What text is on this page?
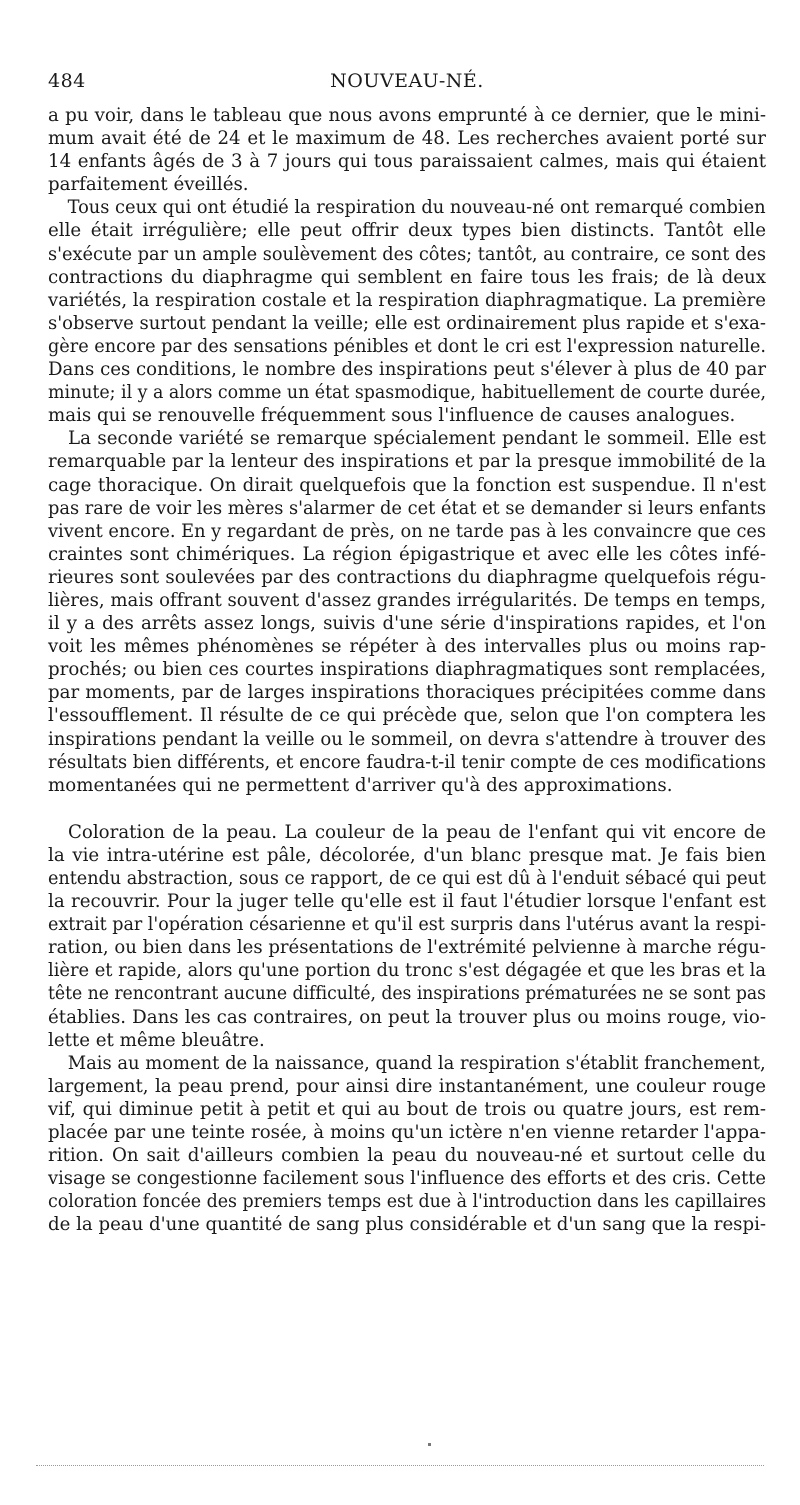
484	NOUVEAU-NÉ.
a pu voir, dans le tableau que nous avons emprunté à ce dernier, que le mini-
mum avait été de 24 et le maximum de 48. Les recherches avaient porté sur
14 enfants âgés de 3 à 7 jours qui tous paraissaient calmes, mais qui étaient
parfaitement éveillés.
Tous ceux qui ont étudié la respiration du nouveau-né ont remarqué combien
elle était irrégulière; elle peut offrir deux types bien distincts. Tantôt elle
s'exécute par un ample soulèvement des côtes; tantôt, au contraire, ce sont des
contractions du diaphragme qui semblent en faire tous les frais; de là deux
variétés, la respiration costale et la respiration diaphragmatique. La première
s'observe surtout pendant la veille; elle est ordinairement plus rapide et s'exa-
gère encore par des sensations pénibles et dont le cri est l'expression naturelle.
Dans ces conditions, le nombre des inspirations peut s'élever à plus de 40 par
minute; il y a alors comme un état spasmodique, habituellement de courte durée,
mais qui se renouvelle fréquemment sous l'influence de causes analogues.
La seconde variété se remarque spécialement pendant le sommeil. Elle est
remarquable par la lenteur des inspirations et par la presque immobilité de la
cage thoracique. On dirait quelquefois que la fonction est suspendue. Il n'est
pas rare de voir les mères s'alarmer de cet état et se demander si leurs enfants
vivent encore. En y regardant de près, on ne tarde pas à les convaincre que ces
craintes sont chimériques. La région épigastrique et avec elle les côtes infé-
rieures sont soulevées par des contractions du diaphragme quelquefois régu-
lières, mais offrant souvent d'assez grandes irrégularités. De temps en temps,
il y a des arrêts assez longs, suivis d'une série d'inspirations rapides, et l'on
voit les mêmes phénomènes se répéter à des intervalles plus ou moins rap-
prochés; ou bien ces courtes inspirations diaphragmatiques sont remplacées,
par moments, par de larges inspirations thoraciques précipitées comme dans
l'essoufflement. Il résulte de ce qui précède que, selon que l'on comptera les
inspirations pendant la veille ou le sommeil, on devra s'attendre à trouver des
résultats bien différents, et encore faudra-t-il tenir compte de ces modifications
momentanées qui ne permettent d'arriver qu'à des approximations.
Coloration de la peau. La couleur de la peau de l'enfant qui vit encore de
la vie intra-utérine est pâle, décolorée, d'un blanc presque mat. Je fais bien
entendu abstraction, sous ce rapport, de ce qui est dû à l'enduit sébacé qui peut
la recouvrir. Pour la juger telle qu'elle est il faut l'étudier lorsque l'enfant est
extrait par l'opération césarienne et qu'il est surpris dans l'utérus avant la respi-
ration, ou bien dans les présentations de l'extrémité pelvienne à marche régu-
lière et rapide, alors qu'une portion du tronc s'est dégagée et que les bras et la
tête ne rencontrant aucune difficulté, des inspirations prématurées ne se sont pas
établies. Dans les cas contraires, on peut la trouver plus ou moins rouge, vio-
lette et même bleuâtre.
Mais au moment de la naissance, quand la respiration s'établit franchement,
largement, la peau prend, pour ainsi dire instantanément, une couleur rouge
vif, qui diminue petit à petit et qui au bout de trois ou quatre jours, est rem-
placée par une teinte rosée, à moins qu'un ictère n'en vienne retarder l'appa-
rition. On sait d'ailleurs combien la peau du nouveau-né et surtout celle du
visage se congestionne facilement sous l'influence des efforts et des cris. Cette
coloration foncée des premiers temps est due à l'introduction dans les capillaires
de la peau d'une quantité de sang plus considérable et d'un sang que la respi-
